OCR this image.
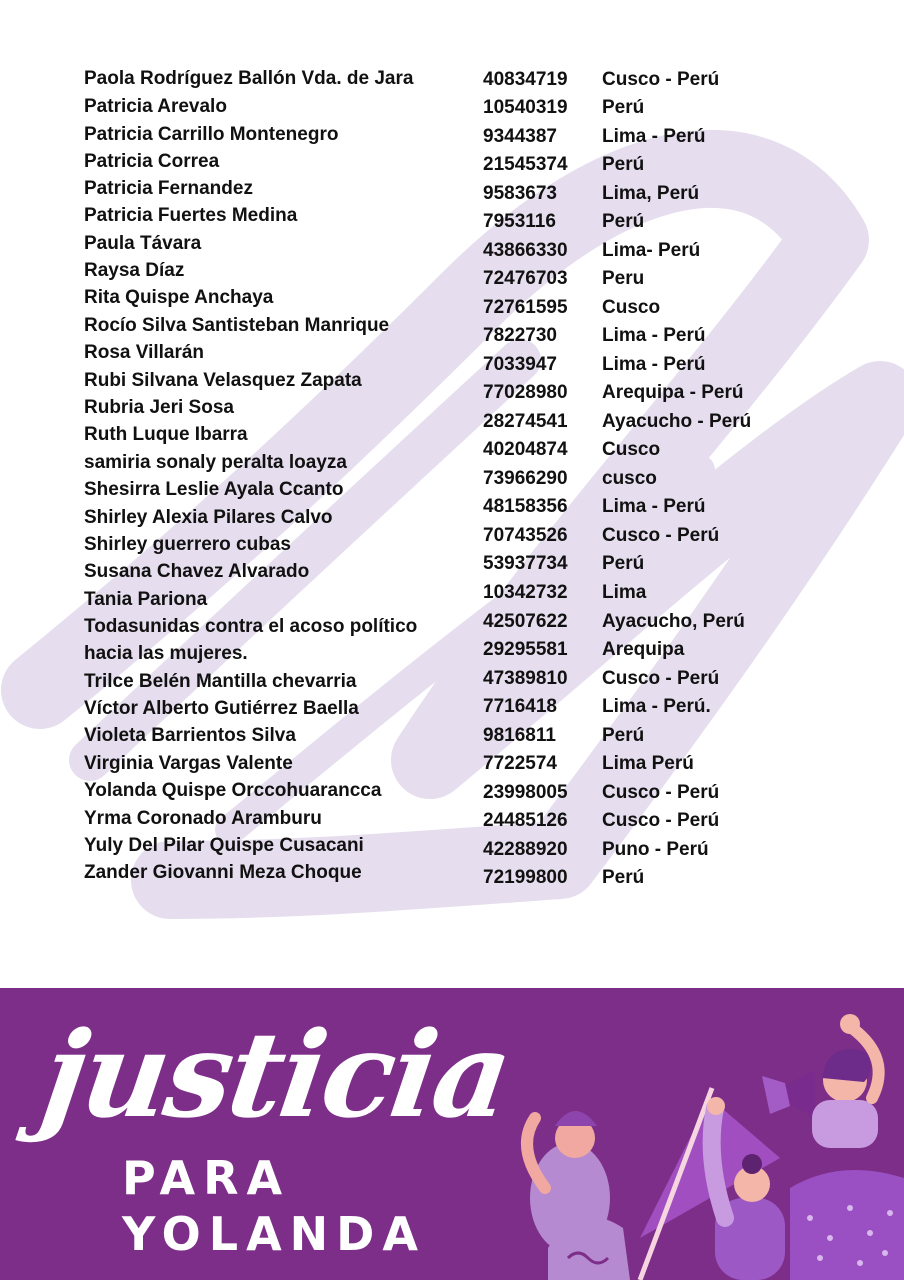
Paola Rodríguez Ballón Vda. de Jara
Patricia Arevalo
Patricia Carrillo Montenegro
Patricia Correa
Patricia Fernandez
Patricia Fuertes Medina
Paula Távara
Raysa Díaz
Rita Quispe Anchaya
Rocío Silva Santisteban Manrique
Rosa Villarán
Rubi Silvana Velasquez Zapata
Rubria Jeri Sosa
Ruth Luque Ibarra
samiria sonaly peralta loayza
Shesirra Leslie Ayala Ccanto
Shirley Alexia Pilares Calvo
Shirley guerrero cubas
Susana Chavez Alvarado
Tania Pariona
Todasunidas contra el acoso político
hacia las mujeres.
Trilce Belén Mantilla chevarria
Víctor Alberto Gutiérrez Baella
Violeta Barrientos Silva
Virginia Vargas Valente
Yolanda Quispe Orccohuarancca
Yrma Coronado Aramburu
Yuly Del Pilar Quispe Cusacani
Zander Giovanni Meza Choque
40834719
10540319
9344387
21545374
9583673
7953116
43866330
72476703
72761595
7822730
7033947
77028980
28274541
40204874
73966290
48158356
70743526
53937734
10342732
42507622
29295581
47389810
7716418
9816811
7722574
23998005
24485126
42288920
72199800
Cusco - Perú
Perú
Lima - Perú
Perú
Lima, Perú
Perú
Lima- Perú
Peru
Cusco
Lima - Perú
Lima - Perú
Arequipa - Perú
Ayacucho - Perú
Cusco
cusco
Lima - Perú
Cusco - Perú
Perú
Lima
Ayacucho, Perú
Arequipa
Cusco - Perú
Lima - Perú.
Perú
Lima Perú
Cusco - Perú
Cusco - Perú
Puno - Perú
Perú
justicia
PARA YOLANDA
